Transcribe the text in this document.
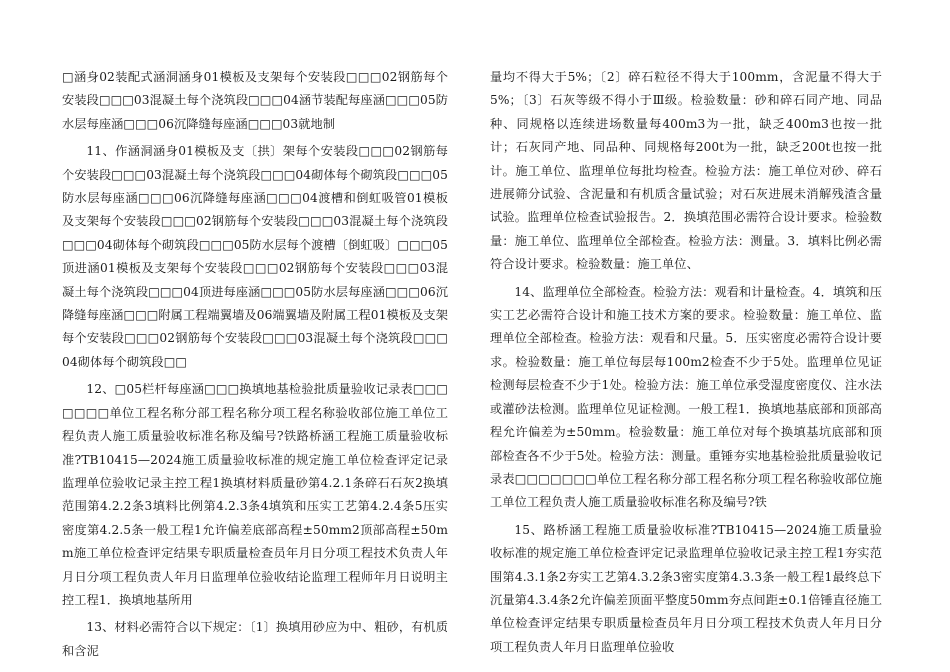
□涵身02装配式涵洞涵身01模板及支架每个安装段□□□02钢筋每个安装段□□□03混凝土每个浇筑段□□□04涵节装配每座涵□□□05防水层每座涵□□□06沉降缝每座涵□□□03就地制

11、作涵洞涵身01模板及支〔拱〕架每个安装段□□□02钢筋每个安装段□□□03混凝土每个浇筑段□□□04砌体每个砌筑段□□□05防水层每座涵□□□06沉降缝每座涵□□□04渡槽和倒虹吸管01模板及支架每个安装段□□□02钢筋每个安装段□□□03混凝土每个浇筑段□□□04砌体每个砌筑段□□□05防水层每个渡槽〔倒虹吸〕□□□05顶进涵01模板及支架每个安装段□□□02钢筋每个安装段□□□03混凝土每个浇筑段□□□04顶进每座涵□□□05防水层每座涵□□□06沉降缝每座涵□□□附属工程端翼墙及06端翼墙及附属工程01模板及支架每个安装段□□□02钢筋每个安装段□□□03混凝土每个浇筑段□□□04砌体每个砌筑段□□

12、□05栏杆每座涵□□□换填地基检验批质量验收记录表□□□□□□□单位工程名称分部工程名称分项工程名称验收部位施工单位工程负责人施工质量验收标准名称及编号?铁路桥涵工程施工质量验收标准?TB10415—2024施工质量验收标准的规定施工单位检查评定记录监理单位验收记录主控工程1换填材料质量砂第4.2.1条碎石石灰2换填范围第4.2.2条3填料比例第4.2.3条4填筑和压实工艺第4.2.4条5压实密度第4.2.5条一般工程1允许偏差底部高程±50mm2顶部高程±50mm施工单位检查评定结果专职质量检查员年月日分项工程技术负责人年月日分项工程负责人年月日监理单位验收结论监理工程师年月日说明主控工程1．换填地基所用

13、材料必需符合以下规定：〔1〕换填用砂应为中、粗砂，有机质和含泥

量均不得大于5%；〔2〕碎石粒径不得大于100mm，含泥量不得大于5%；〔3〕石灰等级不得小于Ⅲ级。检验数量：砂和碎石同产地、同品种、同规格以连续进场数量每400m3为一批，缺乏400m3也按一批计；石灰同产地、同品种、同规格每200t为一批，缺乏200t也按一批计。施工单位、监理单位每批均检查。检验方法：施工单位对砂、碎石进展筛分试验、含泥量和有机质含量试验；对石灰进展未消解残渣含量试验。监理单位检查试验报告。2．换填范围必需符合设计要求。检验数量：施工单位、监理单位全部检查。检验方法：测量。3．填料比例必需符合设计要求。检验数量：施工单位、

14、监理单位全部检查。检验方法：观看和计量检查。4．填筑和压实工艺必需符合设计和施工技术方案的要求。检验数量：施工单位、监理单位全部检查。检验方法：观看和尺量。5．压实密度必需符合设计要求。检验数量：施工单位每层每100m2检查不少于5处。监理单位见证检测每层检查不少于1处。检验方法：施工单位承受湿度密度仪、注水法或灌砂法检测。监理单位见证检测。一般工程1．换填地基底部和顶部高程允许偏差为±50mm。检验数量：施工单位对每个换填基坑底部和顶部检查各不少于5处。检验方法：测量。重锤夯实地基检验批质量验收记录表□□□□□□□单位工程名称分部工程名称分项工程名称验收部位施工单位工程负责人施工质量验收标准名称及编号?铁

15、路桥涵工程施工质量验收标准?TB10415—2024施工质量验收标准的规定施工单位检查评定记录监理单位验收记录主控工程1夯实范围第4.3.1条2夯实工艺第4.3.2条3密实度第4.3.3条一般工程1最终总下沉量第4.3.4条2允许偏差顶面平整度50mm夯点间距±0.1倍锤直径施工单位检查评定结果专职质量检查员年月日分项工程技术负责人年月日分项工程负责人年月日监理单位验收
